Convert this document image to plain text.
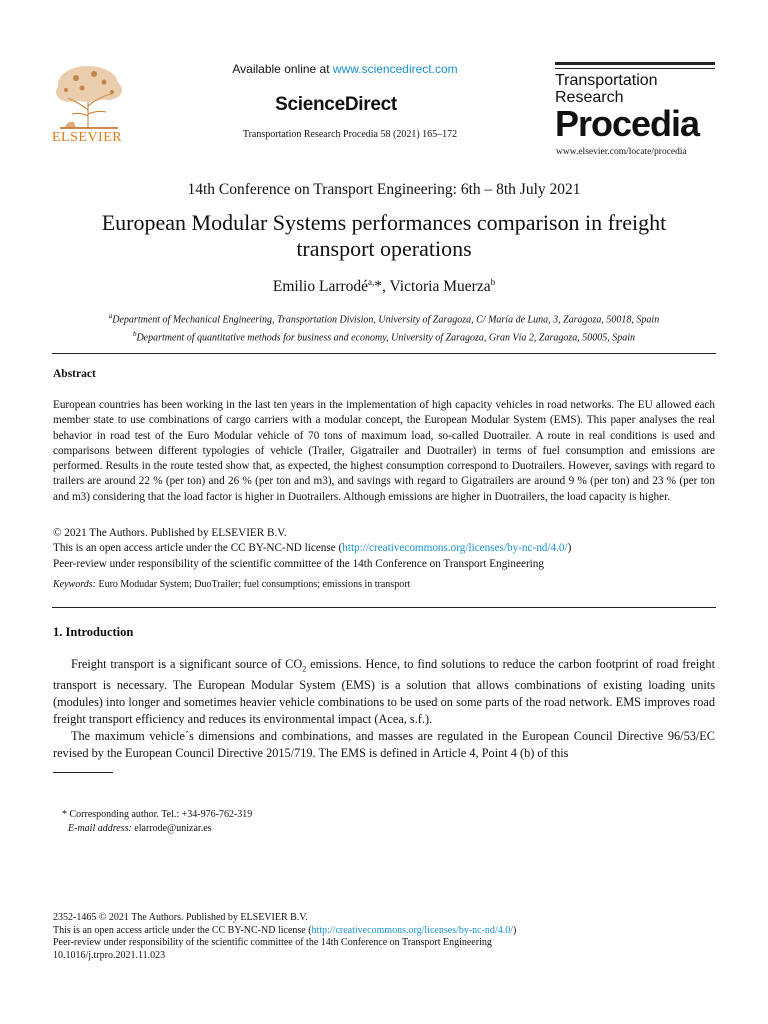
ELSEVIER
Available online at www.sciencedirect.com
ScienceDirect
Transportation Research Procedia 58 (2021) 165–172
Transportation
Research
Procedia
www.elsevier.com/locate/procedia
14th Conference on Transport Engineering: 6th – 8th July 2021
European Modular Systems performances comparison in freight transport operations
Emilio Larrodé$^{a,}$*, Victoria Muerza$^b$
$^a$Department of Mechanical Engineering, Transportation Division, University of Zaragoza, C/ María de Luna, 3, Zaragoza, 50018, Spain
$^b$Department of quantitative methods for business and economy, University of Zaragoza, Gran Vía 2, Zaragoza, 50005, Spain
Abstract
European countries has been working in the last ten years in the implementation of high capacity vehicles in road networks. The EU allowed each member state to use combinations of cargo carriers with a modular concept, the European Modular System (EMS). This paper analyses the real behavior in road test of the Euro Modular vehicle of 70 tons of maximum load, so-called Duotrailer. A route in real conditions is used and comparisons between different typologies of vehicle (Trailer, Gigatrailer and Duotrailer) in terms of fuel consumption and emissions are performed. Results in the route tested show that, as expected, the highest consumption correspond to Duotrailers. However, savings with regard to trailers are around 22 % (per ton) and 26 % (per ton and m3), and savings with regard to Gigatrailers are around 9 % (per ton) and 23 % (per ton and m3) considering that the load factor is higher in Duotrailers. Although emissions are higher in Duotrailers, the load capacity is higher.
© 2021 The Authors. Published by ELSEVIER B.V.
This is an open access article under the CC BY-NC-ND license (http://creativecommons.org/licenses/by-nc-nd/4.0/)
Peer-review under responsibility of the scientific committee of the 14th Conference on Transport Engineering
Keywords: Euro Modudar System; DuoTrailer; fuel consumptions; emissions in transport
1. Introduction

Freight transport is a significant source of $CO_2$ emissions. Hence, to find solutions to reduce the carbon footprint of road freight transport is necessary. The European Modular System (EMS) is a solution that allows combinations of existing loading units (modules) into longer and sometimes heavier vehicle combinations to be used on some parts of the road network. EMS improves road freight transport efficiency and reduces its environmental impact (Acea, s.f.).

The maximum vehicle´s dimensions and combinations, and masses are regulated in the European Council Directive 96/53/EC revised by the European Council Directive 2015/719. The EMS is defined in Article 4, Point 4 (b) of this

* Corresponding author. Tel.: +34-976-762-319
E-mail address: elarrode@unizar.es
2352-1465 © 2021 The Authors. Published by ELSEVIER B.V.
This is an open access article under the CC BY-NC-ND license (http://creativecommons.org/licenses/by-nc-nd/4.0/)
Peer-review under responsibility of the scientific committee of the 14th Conference on Transport Engineering
10.1016/j.trpro.2021.11.023
